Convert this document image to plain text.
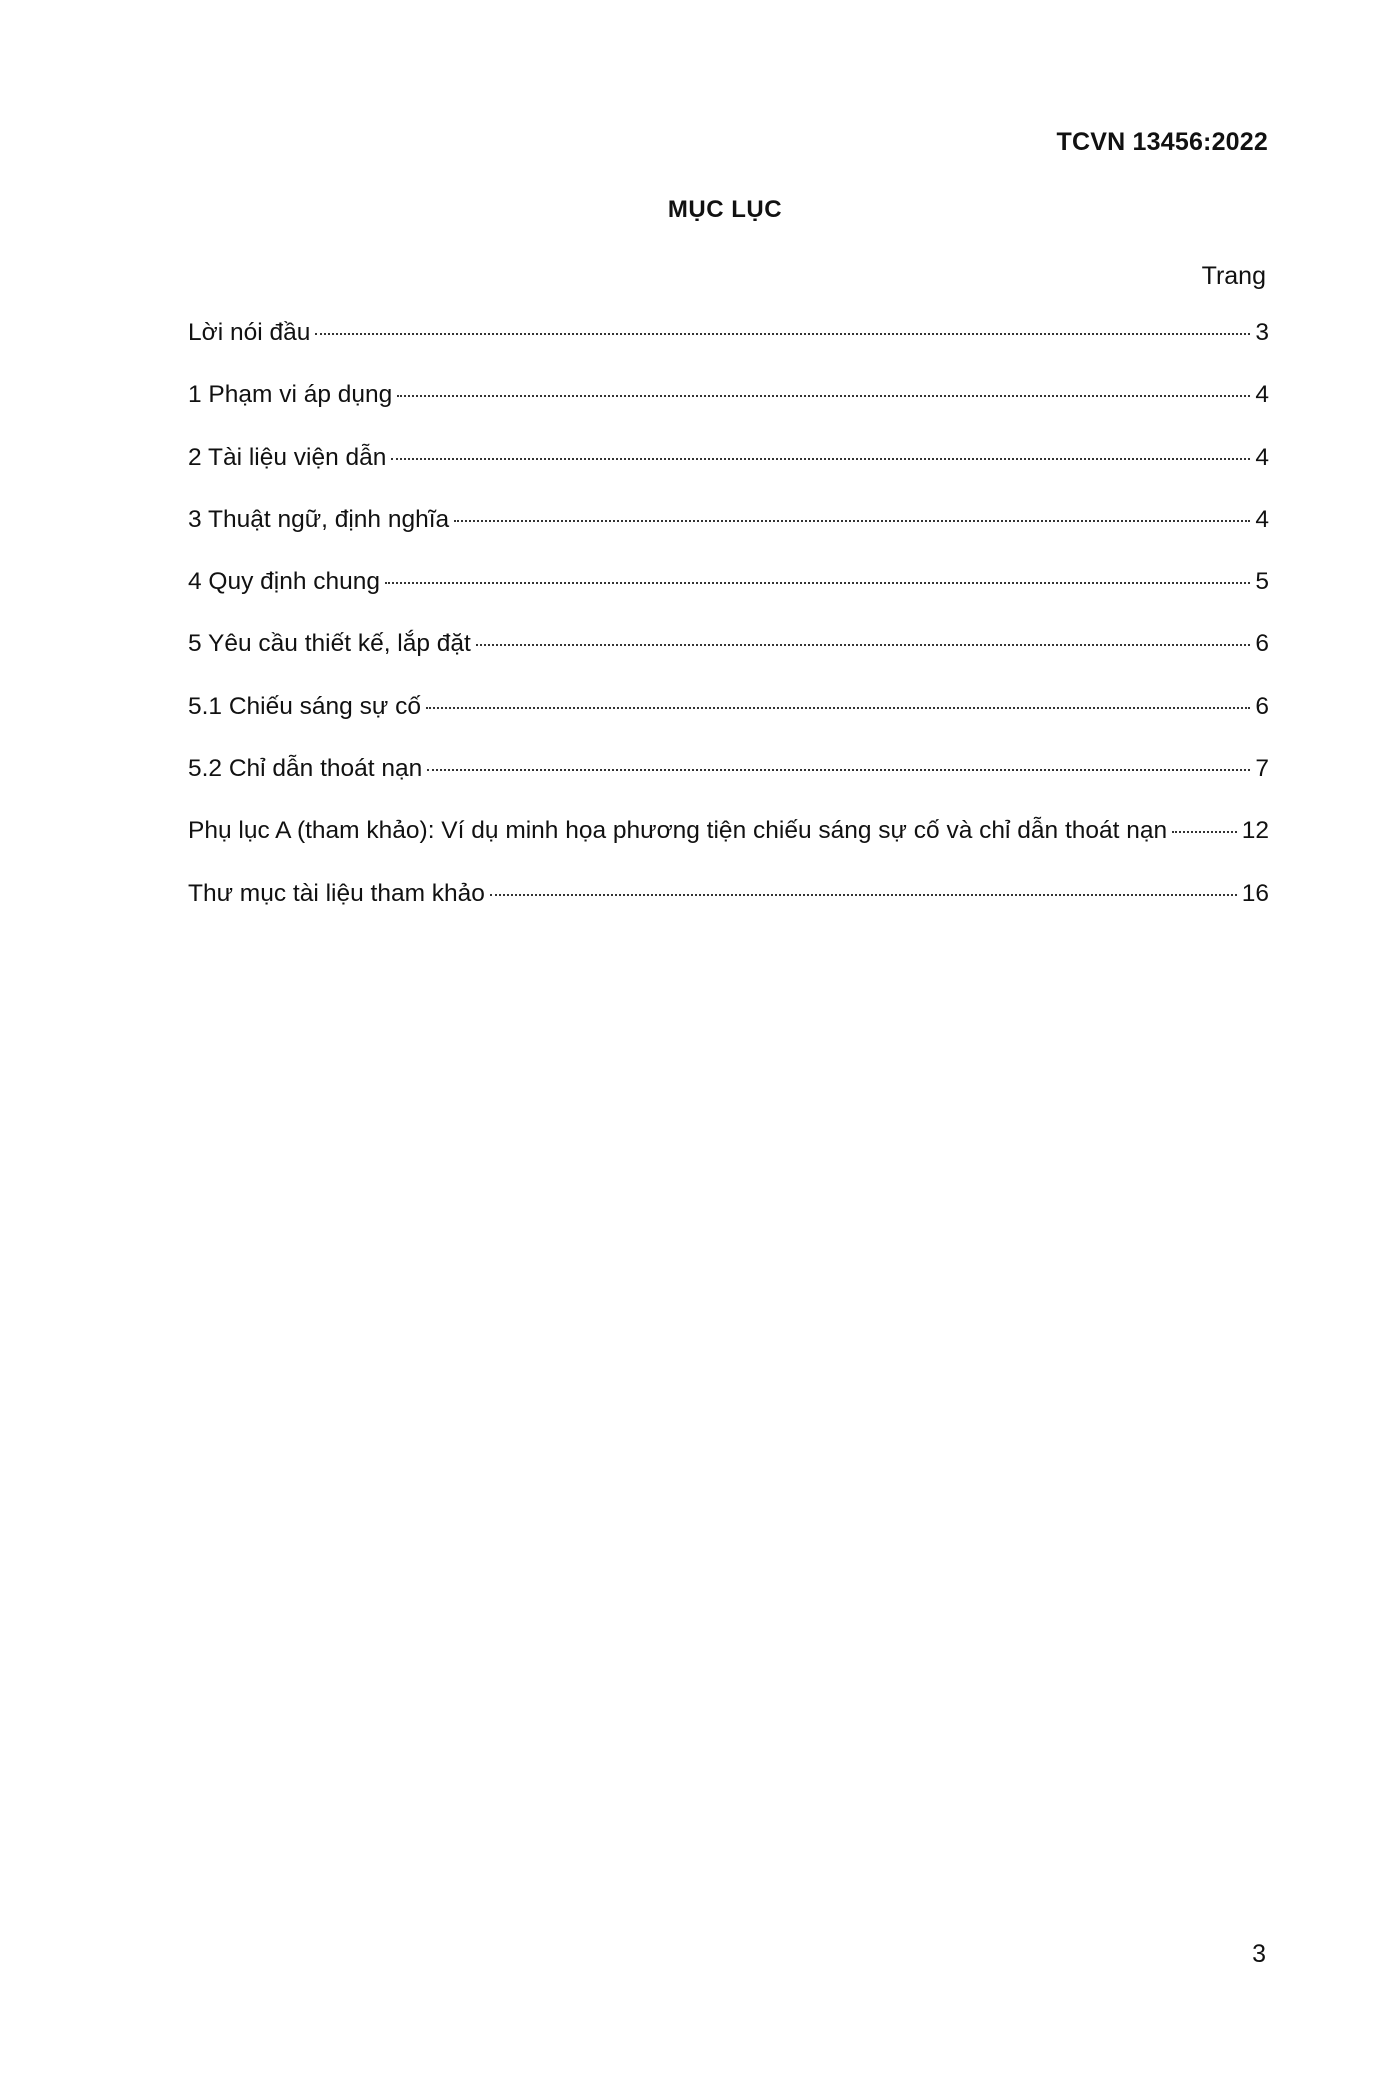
TCVN 13456:2022
MỤC LỤC
Trang
Lời nói đầu	3
1 Phạm vi áp dụng	4
2 Tài liệu viện dẫn	4
3 Thuật ngữ, định nghĩa	4
4 Quy định chung	5
5 Yêu cầu thiết kế, lắp đặt	6
5.1 Chiếu sáng sự cố	6
5.2 Chỉ dẫn thoát nạn	7
Phụ lục A (tham khảo): Ví dụ minh họa phương tiện chiếu sáng sự cố và chỉ dẫn thoát nạn	12
Thư mục tài liệu tham khảo	16
3
